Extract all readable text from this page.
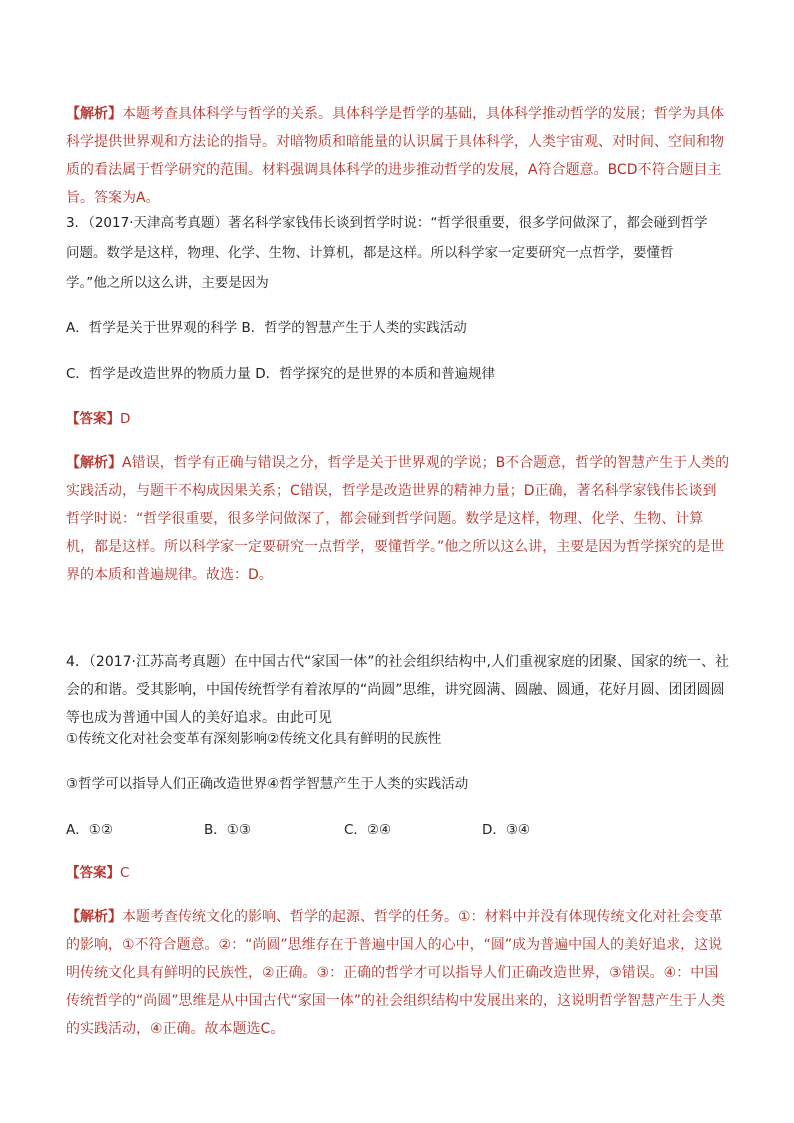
【解析】本题考查具体科学与哲学的关系。具体科学是哲学的基础，具体科学推动哲学的发展；哲学为具体科学提供世界观和方法论的指导。对暗物质和暗能量的认识属于具体科学，人类宇宙观、对时间、空间和物质的看法属于哲学研究的范围。材料强调具体科学的进步推动哲学的发展，A符合题意。BCD不符合题目主旨。答案为A。

3．（2017·天津高考真题）著名科学家钱伟长谈到哲学时说：“哲学很重要，很多学问做深了，都会碰到哲学

问题。数学是这样，物理、化学、生物、计算机，都是这样。所以科学家一定要研究一点哲学，要懂哲

学。”他之所以这么讲，主要是因为

A．哲学是关于世界观的科学 B．哲学的智慧产生于人类的实践活动

C．哲学是改造世界的物质力量 D．哲学探究的是世界的本质和普遍规律

【答案】D

【解析】A错误，哲学有正确与错误之分，哲学是关于世界观的学说；B不合题意，哲学的智慧产生于人类的实践活动，与题干不构成因果关系；C错误，哲学是改造世界的精神力量；D正确，著名科学家钱伟长谈到哲学时说：“哲学很重要，很多学问做深了，都会碰到哲学问题。数学是这样，物理、化学、生物、计算机，都是这样。所以科学家一定要研究一点哲学，要懂哲学。”他之所以这么讲，主要是因为哲学探究的是世界的本质和普遍规律。故选：D。

4．（2017·江苏高考真题）在中国古代“家国一体”的社会组织结构中,人们重视家庭的团聚、国家的统一、社会的和谐。受其影响，中国传统哲学有着浓厚的“尚圆”思维，讲究圆满、圆融、圆通，花好月圆、团团圆圆等也成为普通中国人的美好追求。由此可见

①传统文化对社会变革有深刻影响②传统文化具有鲜明的民族性

③哲学可以指导人们正确改造世界④哲学智慧产生于人类的实践活动

A．①②	B．①③	C．②④	D．③④

【答案】C

【解析】本题考查传统文化的影响、哲学的起源、哲学的任务。①：材料中并没有体现传统文化对社会变革的影响，①不符合题意。②：“尚圆”思维存在于普遍中国人的心中，“圆”成为普遍中国人的美好追求，这说明传统文化具有鲜明的民族性，②正确。③：正确的哲学才可以指导人们正确改造世界，③错误。④：中国传统哲学的“尚圆”思维是从中国古代“家国一体”的社会组织结构中发展出来的，这说明哲学智慧产生于人类的实践活动，④正确。故本题选C。
